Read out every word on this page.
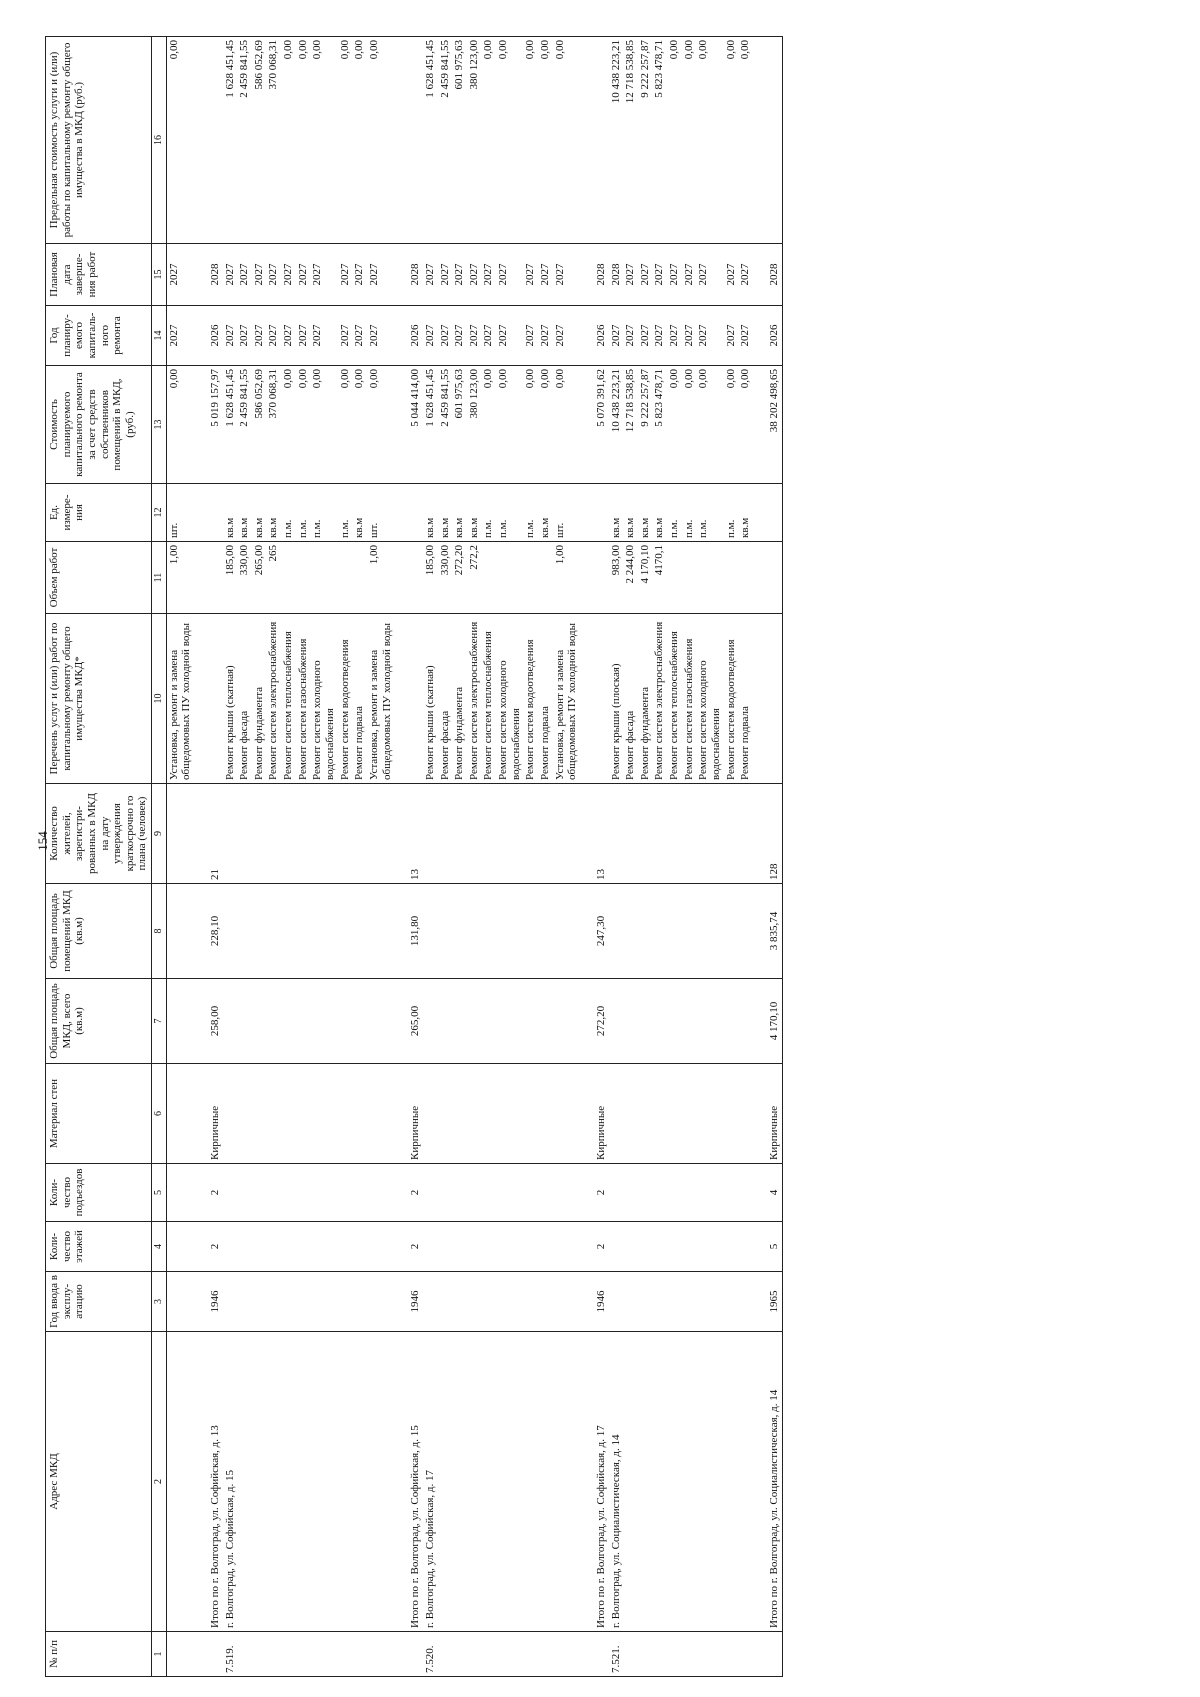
154
№ п/п	Адрес МКД	Год ввода в эксплу-атацию	Коли-чество этажей	Коли-чество подъездов	Материал стен	Общая площадь МКД, всего (кв.м)	Общая площадь помещений МКД (кв.м)	Количество жителей, зарегистри-рованных в МКД на дату утверждения краткосрочно го плана (человек)	Перечень услуг и (или) работ по капитальному ремонту общего имущества МКД*	Объем работ	Ед. измере-ния	Стоимость планируемого капитального ремонта за счет средств собственников помещений в МКД, (руб.)	Год планиру-емого капиталь-ного ремонта	Плановая дата заверше-ния работ	Предельная стоимость услуги и (или) работы по капитальному ремонту общего имущества в МКД (руб.)
1	2	3	4	5	6	7	8	9	10	11	12	13	14	15	16
									Установка, ремонт и замена общедомовых ПУ холодной воды	1,00	шт.	0,00	2027	2027	0,00

	Итого по г. Волгоград, ул. Софийская, д. 13	1946	2	2	Кирпичные	258,00	228,10	21				5 019 157,97	2026	2028	
7.519.	г. Волгоград, ул. Софийская, д. 15								Ремонт крыши (скатная)	185,00	кв.м	1 628 451,45	2027	2027	1 628 451,45
									Ремонт фасада	330,00	кв.м	2 459 841,55	2027	2027	2 459 841,55
									Ремонт фундамента	265,00	кв.м	586 052,69	2027	2027	586 052,69
									Ремонт систем электроснабжения	265	кв.м	370 068,31	2027	2027	370 068,31
									Ремонт систем теплоснабжения		п.м.	0,00	2027	2027	0,00
									Ремонт систем газоснабжения		п.м.	0,00	2027	2027	0,00
									Ремонт систем холодного водоснабжения		п.м.	0,00	2027	2027	0,00
									Ремонт систем водоотведения		п.м.	0,00	2027	2027	0,00
									Ремонт подвала		кв.м	0,00	2027	2027	0,00
									Установка, ремонт и замена общедомовых ПУ холодной воды	1,00	шт.	0,00	2027	2027	0,00

	Итого по г. Волгоград, ул. Софийская, д. 15	1946	2	2	Кирпичные	265,00	131,80	13				5 044 414,00	2026	2028	
7.520.	г. Волгоград, ул. Софийская, д. 17								Ремонт крыши (скатная)	185,00	кв.м	1 628 451,45	2027	2027	1 628 451,45
									Ремонт фасада	330,00	кв.м	2 459 841,55	2027	2027	2 459 841,55
									Ремонт фундамента	272,20	кв.м	601 975,63	2027	2027	601 975,63
									Ремонт систем электроснабжения	272,2	кв.м	380 123,00	2027	2027	380 123,00
									Ремонт систем теплоснабжения		п.м.	0,00	2027	2027	0,00
									Ремонт систем холодного водоснабжения		п.м.	0,00	2027	2027	0,00
									Ремонт систем водоотведения		п.м.	0,00	2027	2027	0,00
									Ремонт подвала		кв.м	0,00	2027	2027	0,00
									Установка, ремонт и замена общедомовых ПУ холодной воды	1,00	шт.	0,00	2027	2027	0,00

	Итого по г. Волгоград, ул. Софийская, д. 17	1946	2	2	Кирпичные	272,20	247,30	13				5 070 391,62	2026	2028	
7.521.	г. Волгоград, ул. Социалистическая, д. 14								Ремонт крыши (плоская)	983,00	кв.м	10 438 223,21	2027	2028	10 438 223,21
									Ремонт фасада	2 244,00	кв.м	12 718 538,85	2027	2027	12 718 538,85
									Ремонт фундамента	4 170,10	кв.м	9 222 257,87	2027	2027	9 222 257,87
									Ремонт систем электроснабжения	4170,1	кв.м	5 823 478,71	2027	2027	5 823 478,71
									Ремонт систем теплоснабжения		п.м.	0,00	2027	2027	0,00
									Ремонт систем газоснабжения		п.м.	0,00	2027	2027	0,00
									Ремонт систем холодного водоснабжения		п.м.	0,00	2027	2027	0,00
									Ремонт систем водоотведения		п.м.	0,00	2027	2027	0,00
									Ремонт подвала		кв.м	0,00	2027	2027	0,00

	Итого по г. Волгоград, ул. Социалистическая, д. 14	1965	5	4	Кирпичные	4 170,10	3 835,74	128				38 202 498,65	2026	2028	
